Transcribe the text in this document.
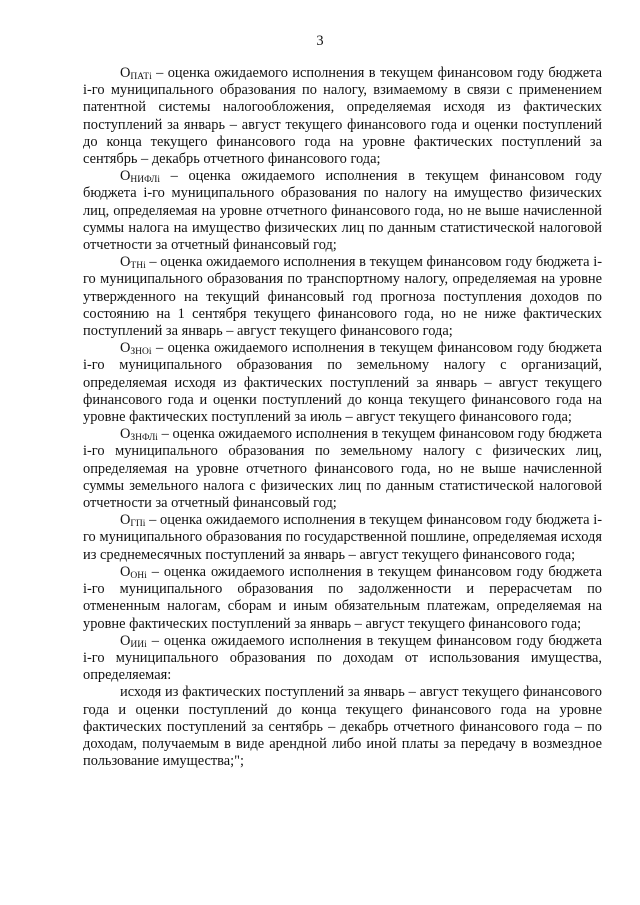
3

$О_{ПАТi}$ – оценка ожидаемого исполнения в текущем финансовом году бюджета i-го муниципального образования по налогу, взимаемому в связи с применением патентной системы налогообложения, определяемая исходя из фактических поступлений за январь – август текущего финансового года и оценки поступлений до конца текущего финансового года на уровне фактических поступлений за сентябрь – декабрь отчетного финансового года;

$О_{НИФЛi}$ – оценка ожидаемого исполнения в текущем финансовом году бюджета i-го муниципального образования по налогу на имущество физических лиц, определяемая на уровне отчетного финансового года, но не выше начисленной суммы налога на имущество физических лиц по данным статистической налоговой отчетности за отчетный финансовый год;

$О_{ТНi}$ – оценка ожидаемого исполнения в текущем финансовом году бюджета i-го муниципального образования по транспортному налогу, определяемая на уровне утвержденного на текущий финансовый год прогноза поступления доходов по состоянию на 1 сентября текущего финансового года, но не ниже фактических поступлений за январь – август текущего финансового года;

$О_{ЗНОi}$ – оценка ожидаемого исполнения в текущем финансовом году бюджета i-го муниципального образования по земельному налогу с организаций, определяемая исходя из фактических поступлений за январь – август текущего финансового года и оценки поступлений до конца текущего финансового года на уровне фактических поступлений за июль – август текущего финансового года;

$О_{ЗНФЛi}$ – оценка ожидаемого исполнения в текущем финансовом году бюджета i-го муниципального образования по земельному налогу с физических лиц, определяемая на уровне отчетного финансового года, но не выше начисленной суммы земельного налога с физических лиц по данным статистической налоговой отчетности за отчетный финансовый год;

$О_{ГПi}$ – оценка ожидаемого исполнения в текущем финансовом году бюджета i-го муниципального образования по государственной пошлине, определяемая исходя из среднемесячных поступлений за январь – август текущего финансового года;

$О_{ОНi}$ – оценка ожидаемого исполнения в текущем финансовом году бюджета i-го муниципального образования по задолженности и перерасчетам по отмененным налогам, сборам и иным обязательным платежам, определяемая на уровне фактических поступлений за январь – август текущего финансового года;

$О_{ИИi}$ – оценка ожидаемого исполнения в текущем финансовом году бюджета i-го муниципального образования по доходам от использования имущества, определяемая:

исходя из фактических поступлений за январь – август текущего финансового года и оценки поступлений до конца текущего финансового года на уровне фактических поступлений за сентябрь – декабрь отчетного финансового года – по доходам, получаемым в виде арендной либо иной платы за передачу в возмездное пользование имущества;";
